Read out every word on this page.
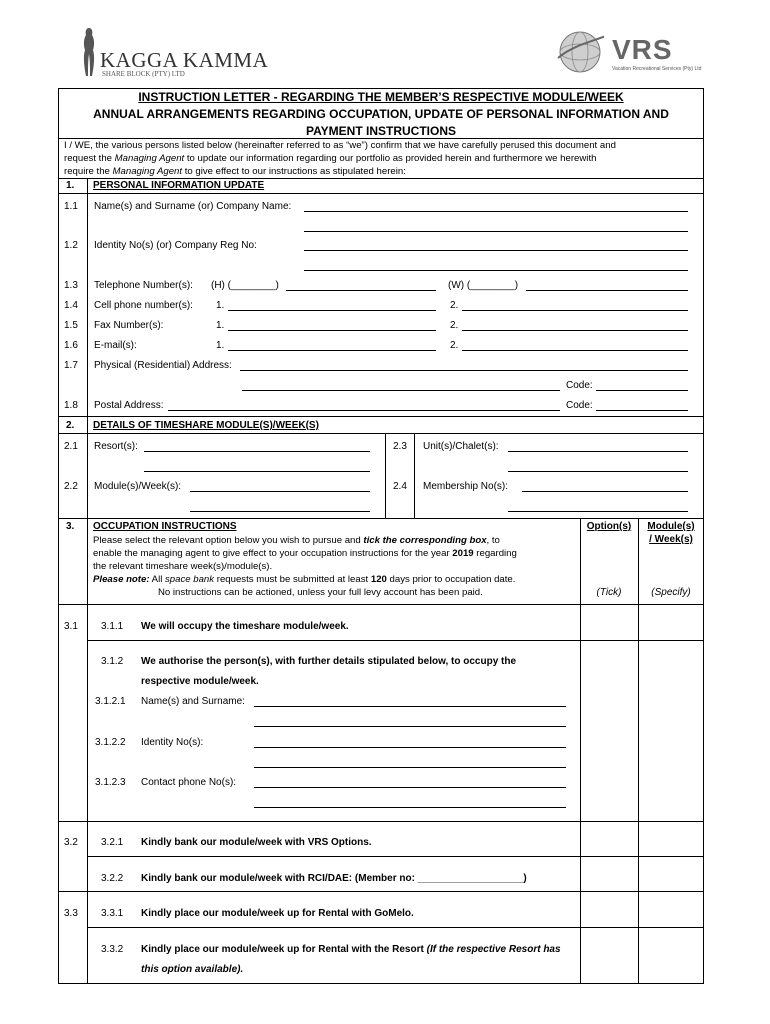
KAGGA KAMMA
SHARE BLOCK (PTY) LTD
VRS
Vacation Recreational Services (Pty) Ltd
INSTRUCTION LETTER - REGARDING THE MEMBER’S RESPECTIVE MODULE/WEEK
ANNUAL ARRANGEMENTS REGARDING OCCUPATION, UPDATE OF PERSONAL INFORMATION AND
PAYMENT INSTRUCTIONS
I / WE, the various persons listed below (hereinafter referred to as “we”) confirm that we have carefully perused this document and
request the Managing Agent to update our information regarding our portfolio as provided herein and furthermore we herewith
require the Managing Agent to give effect to our instructions as stipulated herein:
1. PERSONAL INFORMATION UPDATE
1.1 Name(s) and Surname (or) Company Name:
1.2 Identity No(s) (or) Company Reg No:
1.3 Telephone Number(s): (H) (________)	(W) (________)
1.4 Cell phone number(s): 1.	2.
1.5 Fax Number(s):	1.	2.
1.6 E-mail(s):	1.	2.
1.7 Physical (Residential) Address:
Code:
1.8 Postal Address:	Code:
2. DETAILS OF TIMESHARE MODULE(S)/WEEK(S)
2.1 Resort(s):	2.3 Unit(s)/Chalet(s):
2.2 Module(s)/Week(s):	2.4 Membership No(s):
3. OCCUPATION INSTRUCTIONS
Please select the relevant option below you wish to pursue and tick the corresponding box, to
enable the managing agent to give effect to your occupation instructions for the year 2019 regarding
the relevant timeshare week(s)/module(s).
Please note: All space bank requests must be submitted at least 120 days prior to occupation date.
No instructions can be actioned, unless your full levy account has been paid.
Option(s)	Module(s)
/ Week(s)
(Tick)	(Specify)
3.1 3.1.1 We will occupy the timeshare module/week.
3.1.2 We authorise the person(s), with further details stipulated below, to occupy the
respective module/week.
3.1.2.1 Name(s) and Surname:
3.1.2.2 Identity No(s):
3.1.2.3 Contact phone No(s):
3.2 3.2.1 Kindly bank our module/week with VRS Options.
3.2.2 Kindly bank our module/week with RCI/DAE: (Member no: ___________________)
3.3 3.3.1 Kindly place our module/week up for Rental with GoMelo.
3.3.2 Kindly place our module/week up for Rental with the Resort (If the respective Resort has
this option available).
